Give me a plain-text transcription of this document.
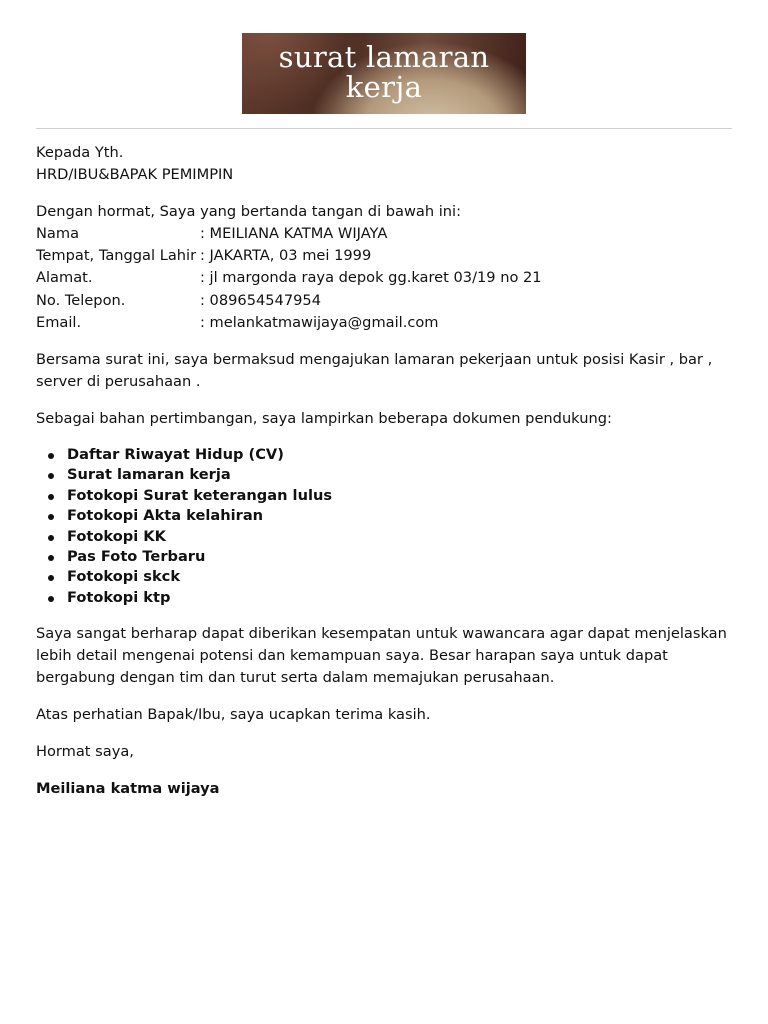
surat lamaran
kerja

Kepada Yth.

HRD/IBU&BAPAK PEMIMPIN

Dengan hormat, Saya yang bertanda tangan di bawah ini:

Nama	: MEILIANA KATMA WIJAYA
Tempat, Tanggal Lahir : JAKARTA, 03 mei 1999
Alamat.	: jl margonda raya depok gg.karet 03/19 no 21
No. Telepon.	: 089654547954
Email.	: melankatmawijaya@gmail.com

Bersama surat ini, saya bermaksud mengajukan lamaran pekerjaan untuk posisi Kasir , bar , server di perusahaan .

Sebagai bahan pertimbangan, saya lampirkan beberapa dokumen pendukung:

Daftar Riwayat Hidup (CV)
Surat lamaran kerja
Fotokopi Surat keterangan lulus
Fotokopi Akta kelahiran
Fotokopi KK
Pas Foto Terbaru
Fotokopi skck
Fotokopi ktp

Saya sangat berharap dapat diberikan kesempatan untuk wawancara agar dapat menjelaskan lebih detail mengenai potensi dan kemampuan saya. Besar harapan saya untuk dapat bergabung dengan tim dan turut serta dalam memajukan perusahaan.

Atas perhatian Bapak/Ibu, saya ucapkan terima kasih.

Hormat saya,

Meiliana katma wijaya
